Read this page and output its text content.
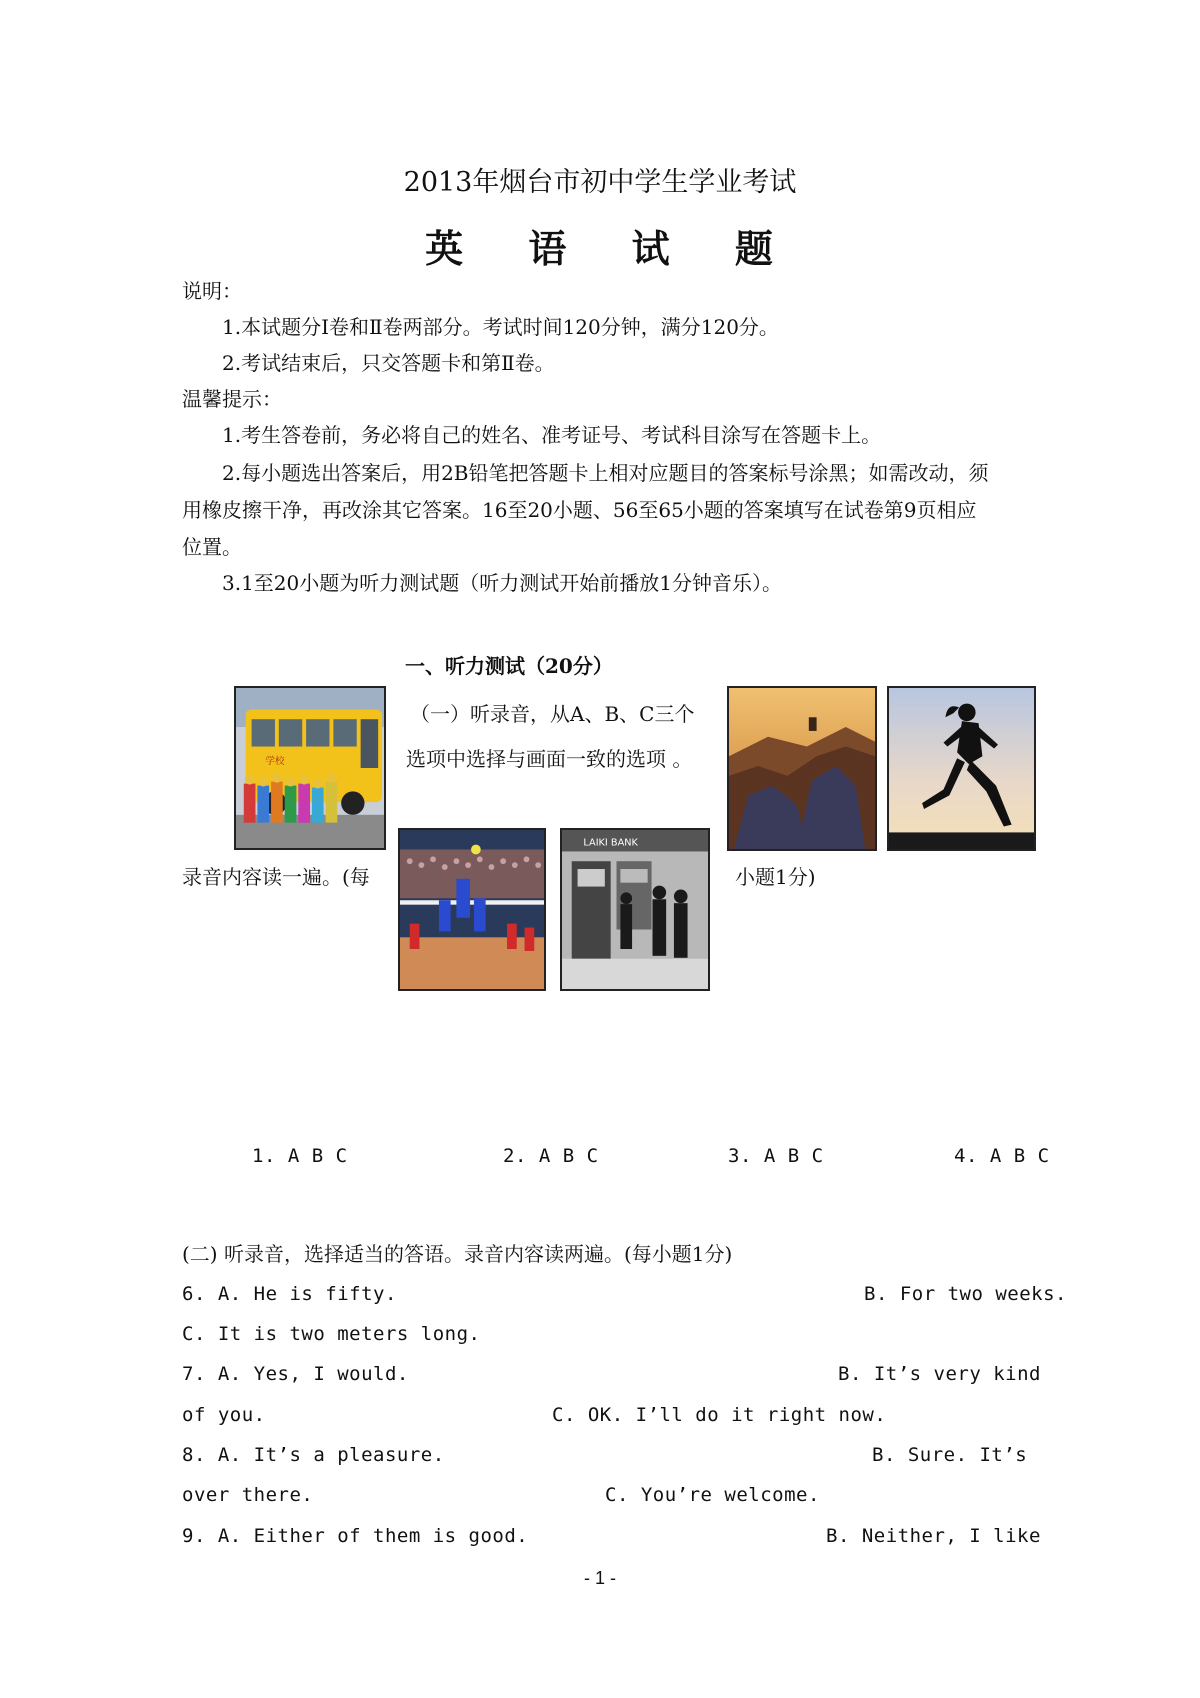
2013年烟台市初中学生学业考试
英 语 试 题
说明：
1.本试题分Ⅰ卷和Ⅱ卷两部分。考试时间120分钟，满分120分。
2.考试结束后，只交答题卡和第Ⅱ卷。
温馨提示：
1.考生答卷前，务必将自己的姓名、准考证号、考试科目涂写在答题卡上。
2.每小题选出答案后，用2B铅笔把答题卡上相对应题目的答案标号涂黑；如需改动，须
用橡皮擦干净，再改涂其它答案。16至20小题、56至65小题的答案填写在试卷第9页相应
位置。
3.1至20小题为听力测试题（听力测试开始前播放1分钟音乐）。
一、听力测试（20分）
（一）听录音，从A、B、C三个
选项中选择与画面一致的选项 。
录音内容读一遍。(每	小题1分)
学校
LAIKI BANK
1. A B C	2. A B C	3. A B C	4. A B C
(二) 听录音，选择适当的答语。录音内容读两遍。(每小题1分)
6. A. He is fifty.	B. For two weeks.
C. It is two meters long.
7. A. Yes, I would.	B. It’s very kind
of you.	C. OK. I’ll do it right now.
8. A. It’s a pleasure.	B. Sure. It’s
over there.	C. You’re welcome.
9. A. Either of them is good.	B. Neither, I like
- 1 -
